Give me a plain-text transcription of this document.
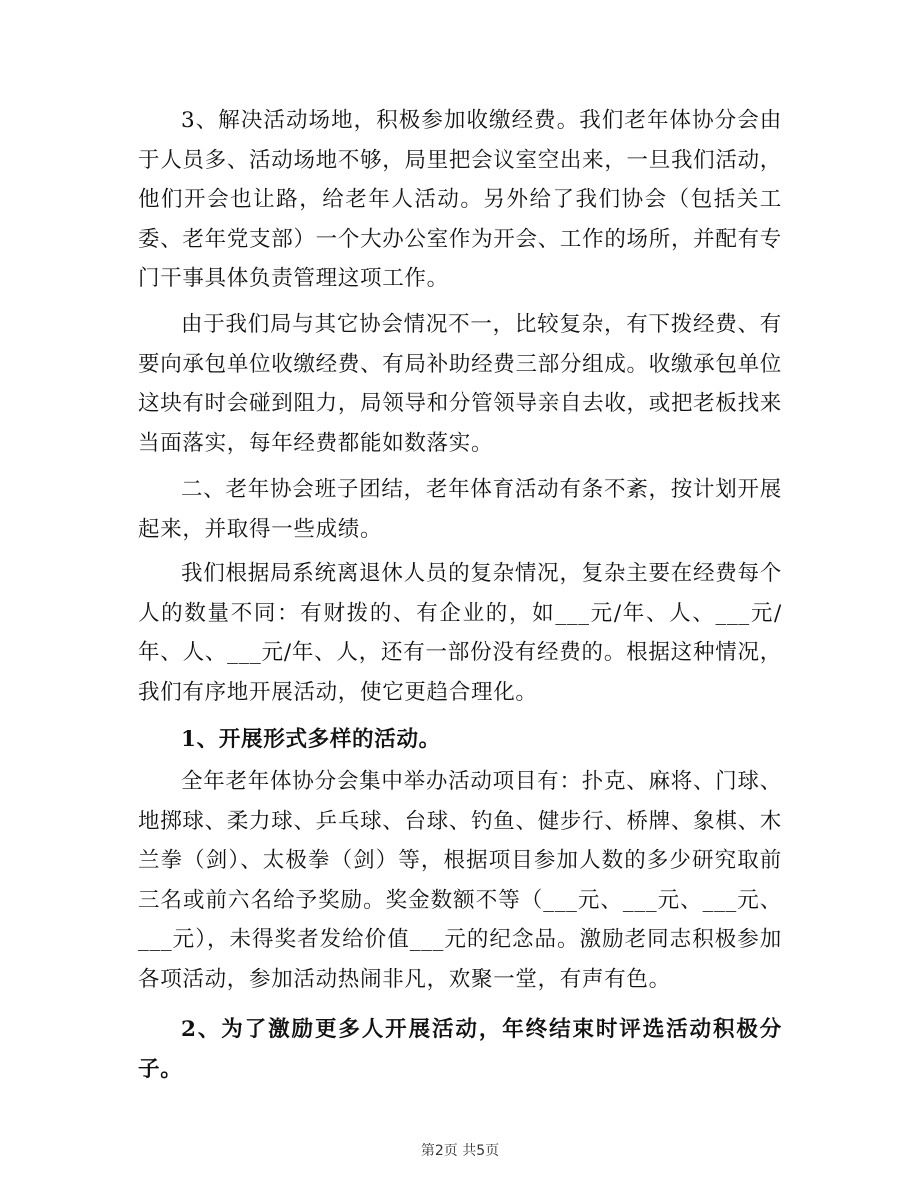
3、解决活动场地，积极参加收缴经费。我们老年体协分会由于人员多、活动场地不够，局里把会议室空出来，一旦我们活动，他们开会也让路，给老年人活动。另外给了我们协会（包括关工委、老年党支部）一个大办公室作为开会、工作的场所，并配有专门干事具体负责管理这项工作。

由于我们局与其它协会情况不一，比较复杂，有下拨经费、有要向承包单位收缴经费、有局补助经费三部分组成。收缴承包单位这块有时会碰到阻力，局领导和分管领导亲自去收，或把老板找来当面落实，每年经费都能如数落实。

二、老年协会班子团结，老年体育活动有条不紊，按计划开展起来，并取得一些成绩。

我们根据局系统离退休人员的复杂情况，复杂主要在经费每个人的数量不同：有财拨的、有企业的，如___元/年、人、___元/年、人、___元/年、人，还有一部份没有经费的。根据这种情况，我们有序地开展活动，使它更趋合理化。

1、开展形式多样的活动。

全年老年体协分会集中举办活动项目有：扑克、麻将、门球、地掷球、柔力球、乒乓球、台球、钓鱼、健步行、桥牌、象棋、木兰拳（剑）、太极拳（剑）等，根据项目参加人数的多少研究取前三名或前六名给予奖励。奖金数额不等（___元、___元、___元、___元），未得奖者发给价值___元的纪念品。激励老同志积极参加各项活动，参加活动热闹非凡，欢聚一堂，有声有色。

2、为了激励更多人开展活动，年终结束时评选活动积极分子。

第2页 共5页
